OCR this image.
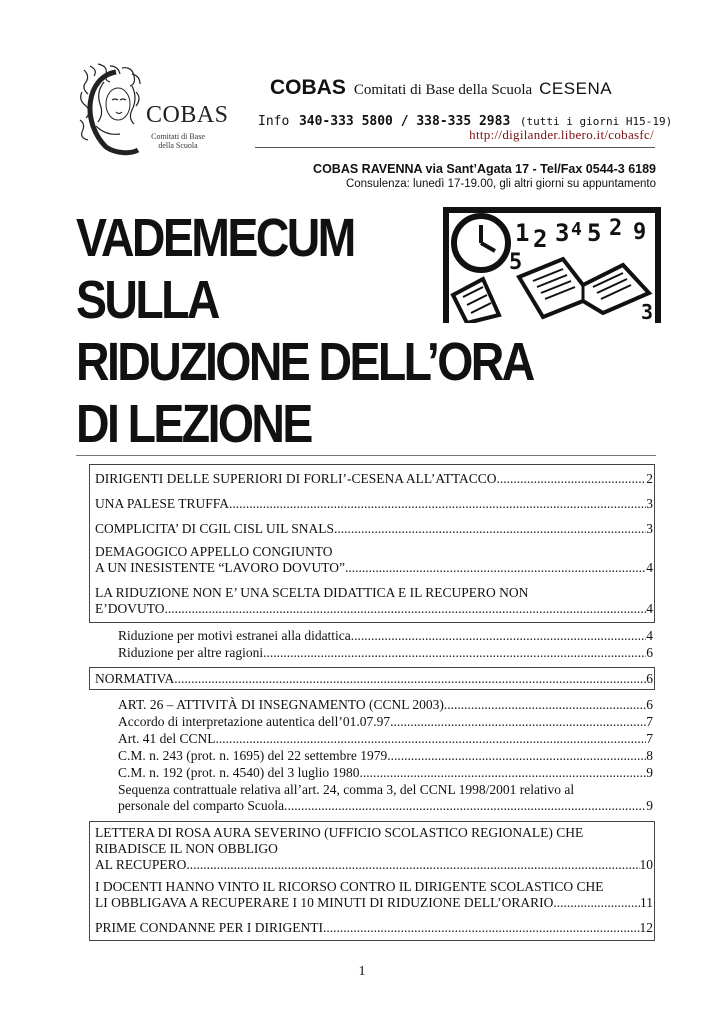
COBAS
Comitati di Base della Scuola
COBAS Comitati di Base della Scuola CESENA
Info 340-333 5800 / 338-335 2983 (tutti i giorni H15-19)
http://digilander.libero.it/cobasfc/
COBAS RAVENNA via Sant’Agata 17 - Tel/Fax 0544-3 6189
Consulenza: lunedì 17-19.00, gli altri giorni su appuntamento
VADEMECUM
SULLA
RIDUZIONE DELL’ORA
DI LEZIONE
1 2 3 4 5 2 9
5
3
DIRIGENTI DELLE SUPERIORI DI FORLI’-CESENA ALL’ATTACCO .....	2
UNA PALESE TRUFFA .....	3
COMPLICITA’ DI CGIL CISL UIL SNALS .....	3
DEMAGOGICO APPELLO CONGIUNTO
A UN INESISTENTE “LAVORO DOVUTO” .....	4
LA RIDUZIONE NON E’ UNA SCELTA DIDATTICA E IL RECUPERO NON
E’DOVUTO .....	4
Riduzione per motivi estranei alla didattica .....	4
Riduzione per altre ragioni .....	6
NORMATIVA .....	6
ART. 26 – ATTIVITÀ DI INSEGNAMENTO (CCNL 2003) .....	6
Accordo di interpretazione autentica dell’01.07.97 .....	7
Art. 41 del CCNL .....	7
C.M. n. 243 (prot. n. 1695) del 22 settembre 1979 .....	8
C.M. n. 192 (prot. n. 4540) del 3 luglio 1980 .....	9
Sequenza contrattuale relativa all’art. 24, comma 3, del CCNL 1998/2001 relativo al
personale del comparto Scuola .....	9
LETTERA DI ROSA AURA SEVERINO (UFFICIO SCOLASTICO REGIONALE) CHE
RIBADISCE IL NON OBBLIGO
AL RECUPERO .....	10
I DOCENTI HANNO VINTO IL RICORSO CONTRO IL DIRIGENTE SCOLASTICO CHE
LI OBBLIGAVA A RECUPERARE I 10 MINUTI DI RIDUZIONE DELL’ORARIO .....	11
PRIME CONDANNE PER I DIRIGENTI .....	12
1
